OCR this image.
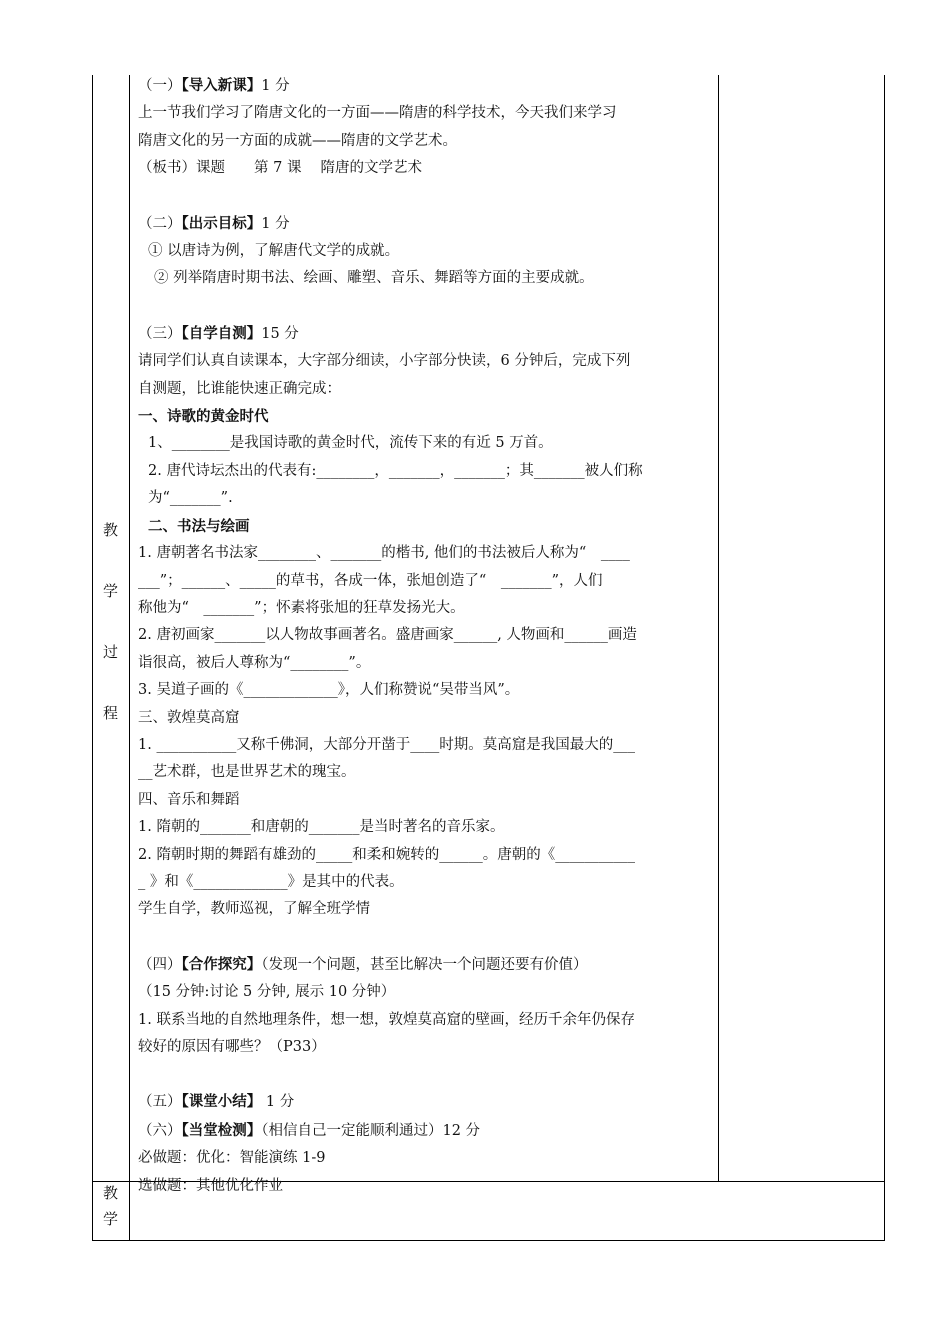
教
学
过
程
教
学

（一）【导入新课】1 分

上一节我们学习了隋唐文化的一方面——隋唐的科学技术，今天我们来学习

隋唐文化的另一方面的成就——隋唐的文学艺术。

（板书）课题　　第 7 课　 隋唐的文学艺术

（二）【出示目标】1 分

① 以唐诗为例，了解唐代文学的成就。

② 列举隋唐时期书法、绘画、雕塑、音乐、舞蹈等方面的主要成就。

（三）【自学自测】15 分

请同学们认真自读课本，大字部分细读，小字部分快读，6 分钟后，完成下列

自测题，比谁能快速正确完成：

一、诗歌的黄金时代

1、________是我国诗歌的黄金时代，流传下来的有近 5 万首。

2. 唐代诗坛杰出的代表有:________，_______，_______；其_______被人们称

为“_______”.

二、书法与绘画

1. 唐朝著名书法家________、_______的楷书, 他们的书法被后人称为“　____

___”；______、_____的草书，各成一体，张旭创造了“　_______”，人们

称他为“　_______”；怀素将张旭的狂草发扬光大。

2. 唐初画家_______以人物故事画著名。盛唐画家______, 人物画和______画造

诣很高，被后人尊称为“________”。

3. 吴道子画的《_____________》，人们称赞说“吴带当风”。

三、敦煌莫高窟

1. ___________又称千佛洞，大部分开凿于____时期。莫高窟是我国最大的___

__艺术群，也是世界艺术的瑰宝。

四、音乐和舞蹈

1. 隋朝的_______和唐朝的_______是当时著名的音乐家。

2. 隋朝时期的舞蹈有雄劲的_____和柔和婉转的______。唐朝的《___________

_ 》和《_____________》是其中的代表。

学生自学，教师巡视，了解全班学情

（四）【合作探究】（发现一个问题，甚至比解决一个问题还要有价值）

（15 分钟:讨论 5 分钟, 展示 10 分钟）

1. 联系当地的自然地理条件，想一想，敦煌莫高窟的壁画，经历千余年仍保存

较好的原因有哪些？（P33）

（五）【课堂小结】 1 分

（六）【当堂检测】（相信自己一定能顺利通过）12 分

必做题：优化：智能演练 1-9

选做题：其他优化作业
